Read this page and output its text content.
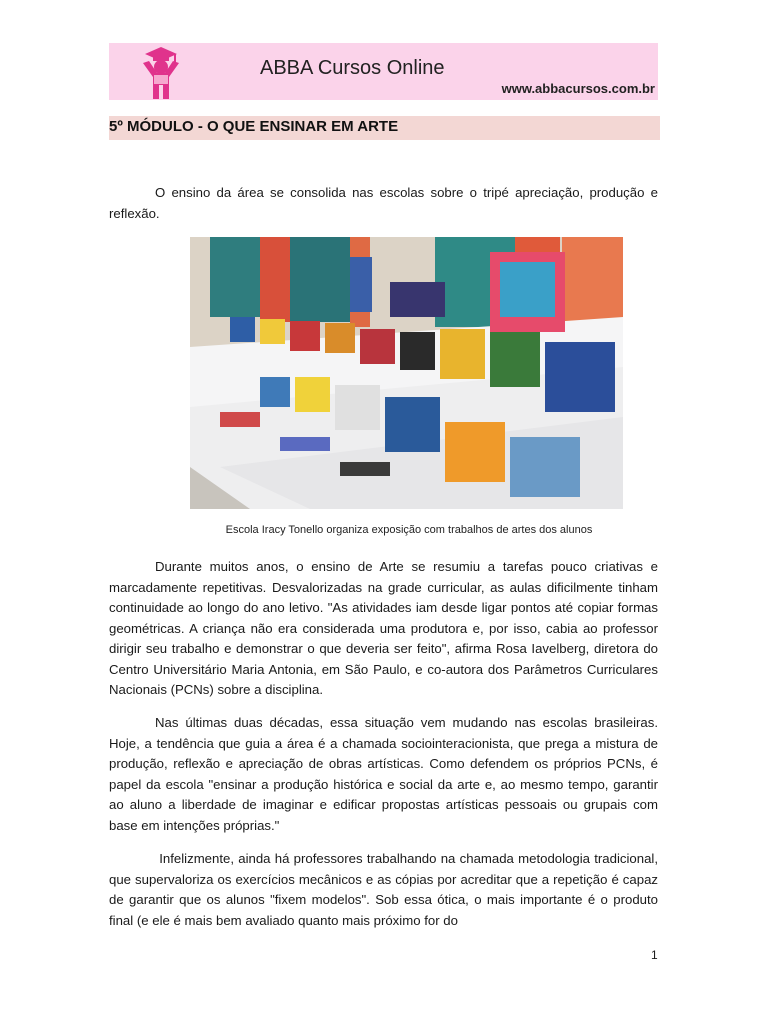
ABBA Cursos Online
www.abbacursos.com.br
5º MÓDULO - O QUE ENSINAR EM ARTE

O ensino da área se consolida nas escolas sobre o tripé apreciação, produção e reflexão.

Escola Iracy Tonello organiza exposição com trabalhos de artes dos alunos

Durante muitos anos, o ensino de Arte se resumiu a tarefas pouco criativas e marcadamente repetitivas. Desvalorizadas na grade curricular, as aulas dificilmente tinham continuidade ao longo do ano letivo. "As atividades iam desde ligar pontos até copiar formas geométricas. A criança não era considerada uma produtora e, por isso, cabia ao professor dirigir seu trabalho e demonstrar o que deveria ser feito", afirma Rosa Iavelberg, diretora do Centro Universitário Maria Antonia, em São Paulo, e co-autora dos Parâmetros Curriculares Nacionais (PCNs) sobre a disciplina.

Nas últimas duas décadas, essa situação vem mudando nas escolas brasileiras. Hoje, a tendência que guia a área é a chamada sociointeracionista, que prega a mistura de produção, reflexão e apreciação de obras artísticas. Como defendem os próprios PCNs, é papel da escola "ensinar a produção histórica e social da arte e, ao mesmo tempo, garantir ao aluno a liberdade de imaginar e edificar propostas artísticas pessoais ou grupais com base em intenções próprias."

Infelizmente, ainda há professores trabalhando na chamada metodologia tradicional, que supervaloriza os exercícios mecânicos e as cópias por acreditar que a repetição é capaz de garantir que os alunos "fixem modelos". Sob essa ótica, o mais importante é o produto final (e ele é mais bem avaliado quanto mais próximo for do

1
